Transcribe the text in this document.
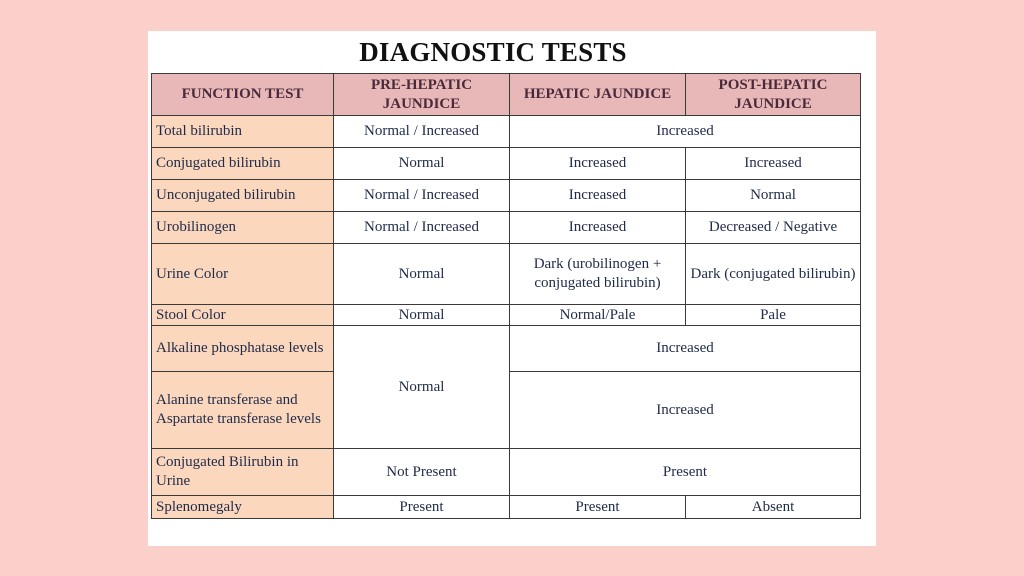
DIAGNOSTIC TESTS
FUNCTION TEST	PRE-HEPATIC JAUNDICE	HEPATIC JAUNDICE	POST-HEPATIC JAUNDICE
Total bilirubin	Normal / Increased	Increased	
Conjugated bilirubin	Normal	Increased	Increased
Unconjugated bilirubin	Normal / Increased	Increased	Normal
Urobilinogen	Normal / Increased	Increased	Decreased / Negative
Urine Color	Normal	Dark (urobilinogen + conjugated bilirubin)	Dark (conjugated bilirubin)
Stool Color	Normal	Normal/Pale	Pale
Alkaline phosphatase levels	Normal	Increased	
Alanine transferase and Aspartate transferase levels		Increased	
Conjugated Bilirubin in Urine	Not Present	Present	
Splenomegaly	Present	Present	Absent
